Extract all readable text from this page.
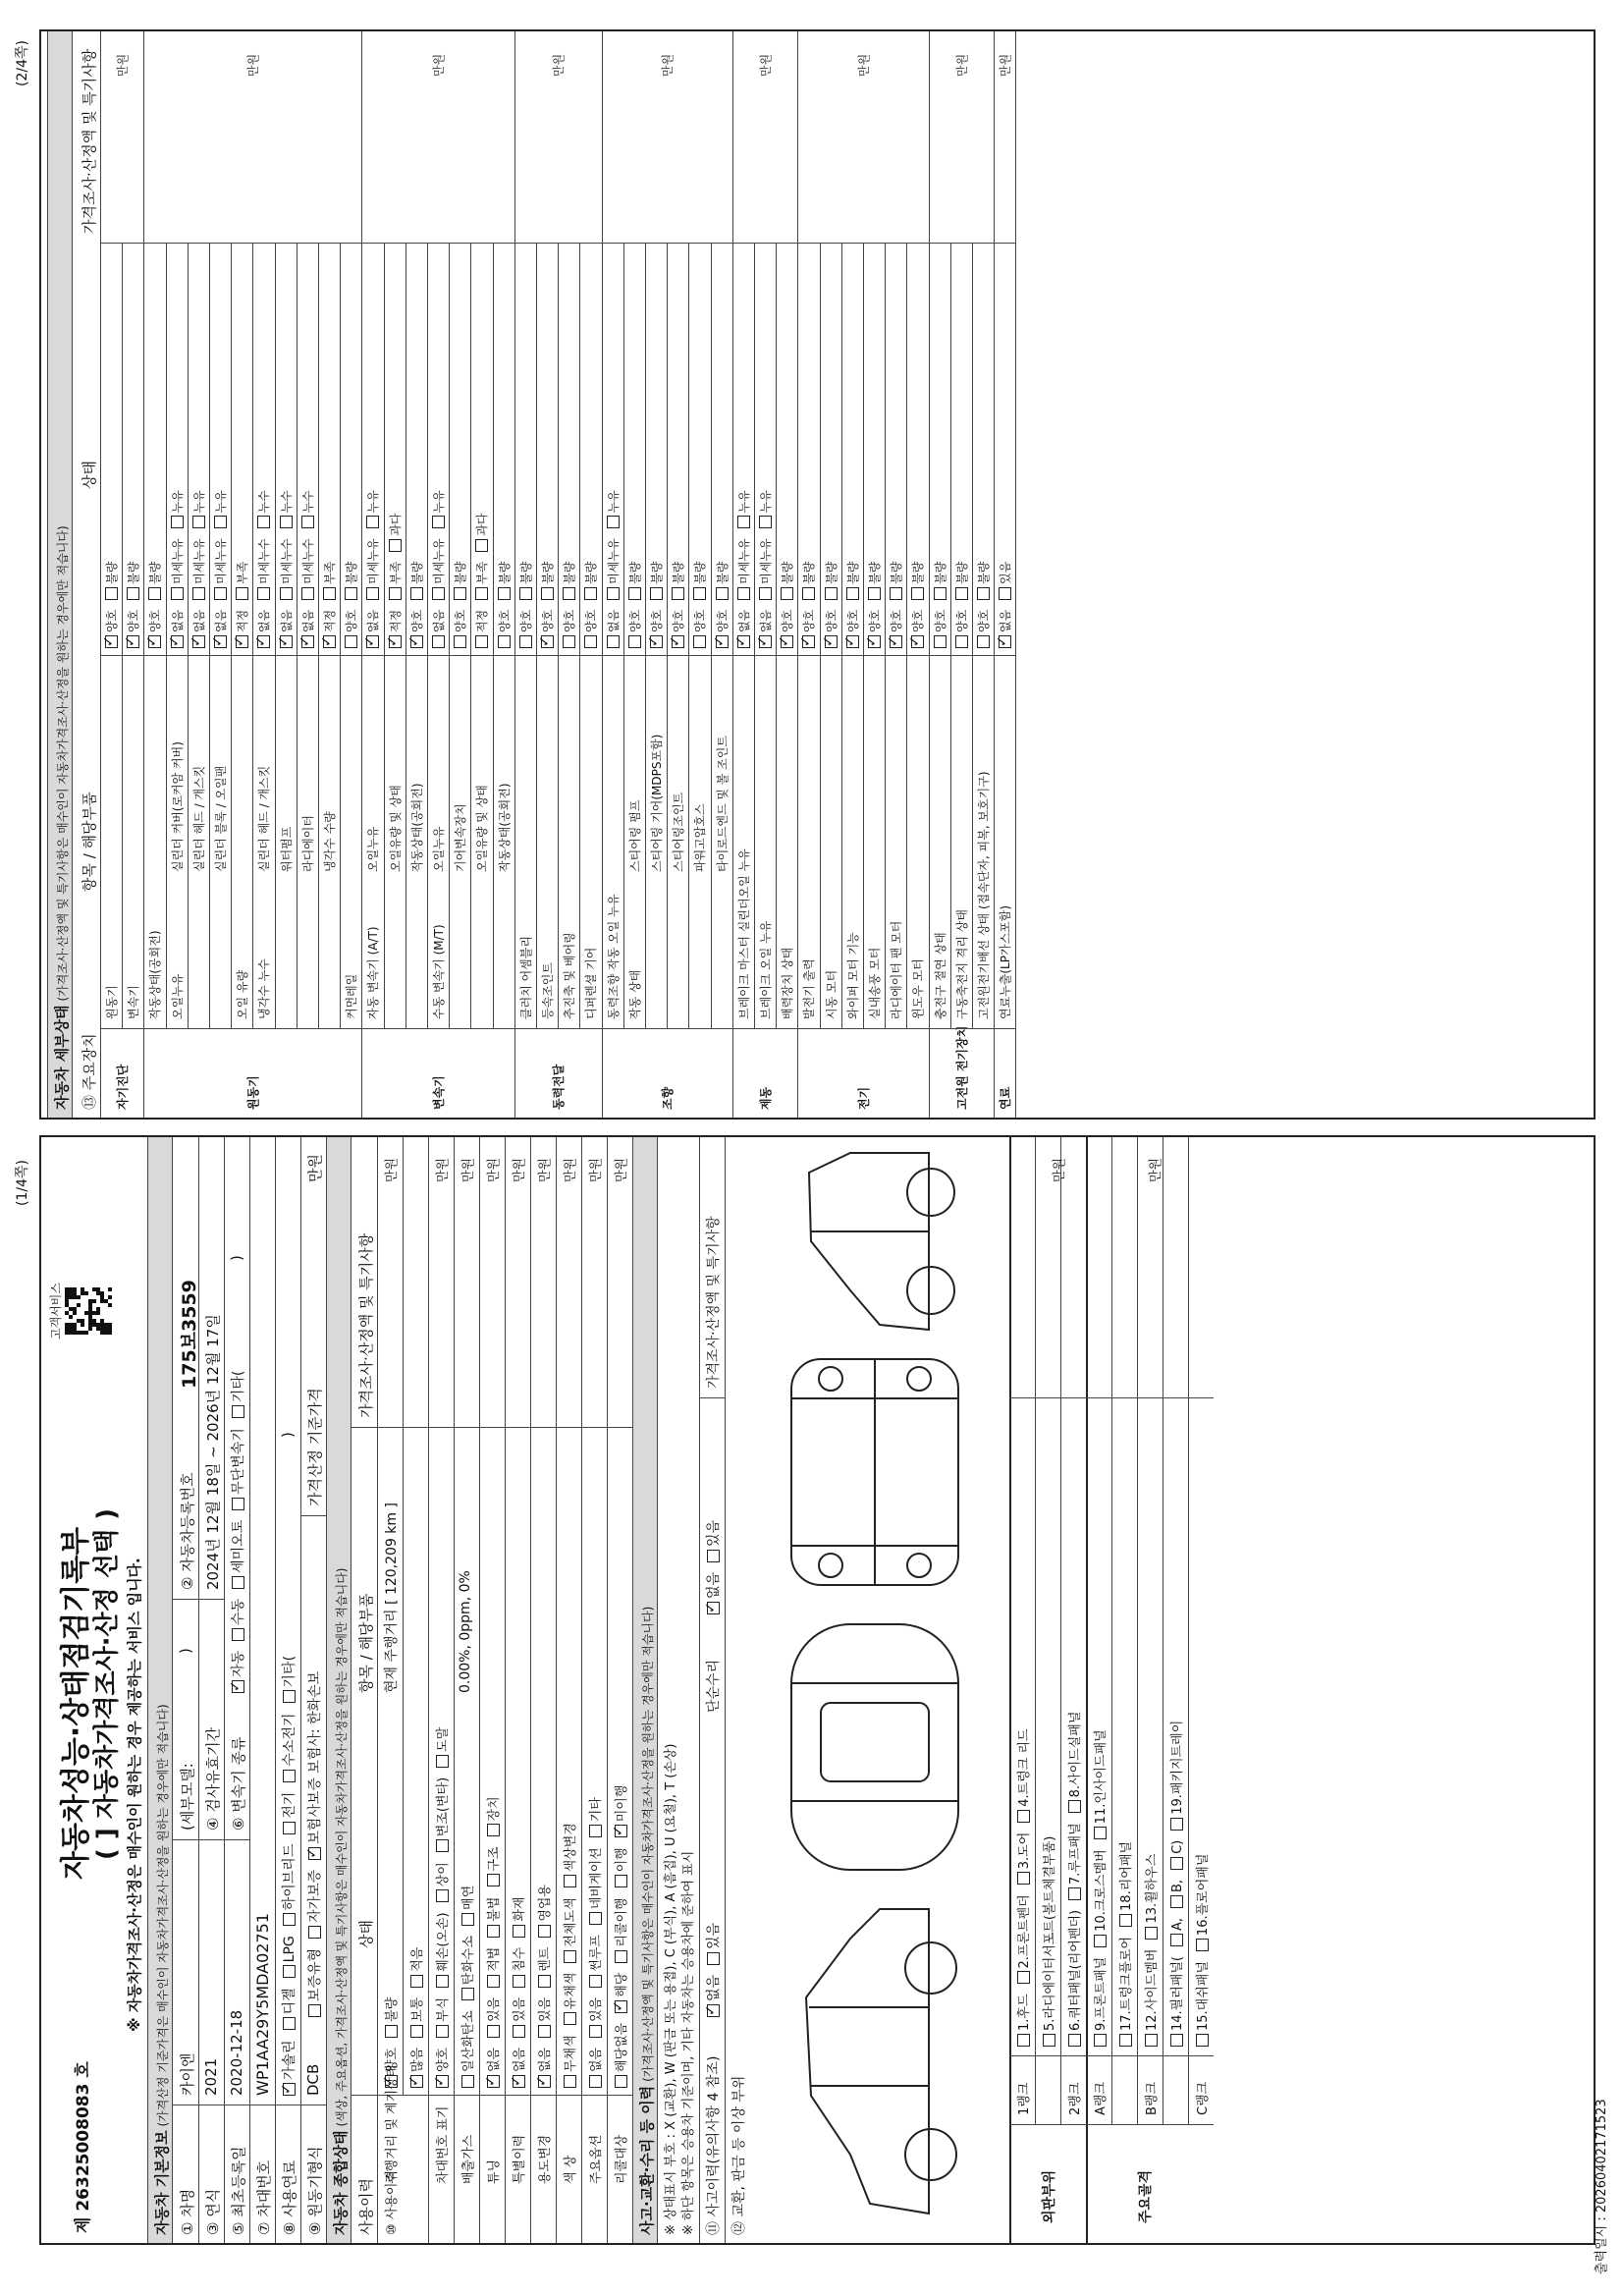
고객서비스
제 26325008083 호
자동차성능·상태점검기록부 ( ] 자동차가격조사·산정 선택 ) ※ 자동차가격조사·산정은 매수인이 원하는 경우 제공하는 서비스 입니다.
자동차 기본정보 (가격산정 기준가격은 매수인이 자동차가격조사·산정을 원하는 경우에만 적습니다)
① 차명
카이엔
(세부모델:
)
② 자동차등록번호
175보3559
③ 연식
2021
④ 검사유효기간
2024년 12월 18일 ~ 2026년 12월 17일
⑤ 최초등록일
2020-12-18
⑥ 변속기 종류
✓자동수동세미오토무단변속기기타(
)
⑦ 차대번호
WP1AA29Y5MDA02751
⑧ 사용연료
✓가솔린디젤LPG하이브리드전기수소전기기타(
)
⑨ 원동기형식
DCB
보증유형자가보증✓보험사보증 보험사: 한화손보
가격산정 기준가격
만원
자동차 종합상태 (색상, 주요옵션, 가격조사·산정액 및 특기사항은 매수인이 자동차가격조사·산정을 원하는 경우에만 적습니다)
사용이력
상태
항목 / 해당부품
가격조사·산정액 및 특기사항
⑩ 사용이력
주행거리 및 계기상태
✓양호불량
현재 주행거리 [ 120,209 km ]
만원
✓많음보통적음
차대번호 표기
✓양호부식훼손(오손)상이변조(변타)도말
만원
배출가스
일산화탄소탄화수소매연
0.00%, 0ppm, 0%
만원
튜닝
✓없음있음적법불법구조장치
만원
특별이력
✓없음있음침수화재
만원
용도변경
✓없음있음렌트영업용
만원
색 상
무채색유채색전체도색색상변경
만원
주요옵션
없음있음썬루프네비게이션기타
만원
리콜대상
해당없음✓해당리콜이행이행✓미이행
만원
사고·교환·수리 등 이력 (가격조사·산정액 및 특기사항은 매수인이 자동차가격조사·산정을 원하는 경우에만 적습니다) ※ 상태표시 부호 : X (교환), W (판금 또는 용접), C (부식), A (흠집), U (요철), T (손상) ※ 하단 항목은 승용차 기준이며, 기타 자동차는 승용차에 준하여 표시 ⑪ 사고이력(유의사항 4 참조)
✓없음있음
단순수리
✓없음있음
가격조사·산정액 및 특기사항
⑫ 교환, 판금 등 이상 부위	1랭크
1.후드2.프론트펜더3.도어4.트렁크 리드
5.라디에이터서포트(볼트체결부품)
2랭크
6.쿼터패널(리어펜더)7.루프패널8.사이드실패널
외판부위
A랭크
9.프론트패널10.크로스멤버11.인사이드패널
17.트렁크플로어18.리어패널
B랭크
12.사이드멤버13.휠하우스
14.필러패널(A,B,C)19.패키지트레이
C랭크
15.대쉬패널16.플로어패널
주요골격
만원	만원
(1/4쪽)
출력일시 : 20260402171523
자동차 세부상태 (가격조사·산정액 및 특기사항은 매수인이 자동차가격조사·산정을 원하는 경우에만 적습니다)
⑬ 주요장치
항목 / 해당부품
상태
가격조사·산정액 및 특기사항
원동기
✓양호불량
변속기
✓양호불량
자기진단
만원
작동상태(공회전)
✓양호불량
오일누유
실린더 커버(로커암 커버)
✓없음미세누유누유
실린더 헤드 / 개스킷
✓없음미세누유누유
실린더 블록 / 오일팬
✓없음미세누유누유
오일 유량
✓적정부족
냉각수 누수
실린더 헤드 / 개스킷
✓없음미세누수누수
워터펌프
✓없음미세누수누수
라디에이터
✓없음미세누수누수
냉각수 수량
✓적정부족
커먼레일
양호불량
원동기
만원
자동 변속기 (A/T)
오일누유
✓없음미세누유누유
오일유량 및 상태
✓적정부족과다
작동상태(공회전)
✓양호불량
수동 변속기 (M/T)
오일누유
없음미세누유누유
기어변속장치
양호불량
오일유량 및 상태
적정부족과다
작동상태(공회전)
양호불량
변속기
만원
클러치 어셈블리
양호불량
등속조인트
✓양호불량
추진축 및 베어링
양호불량
디퍼렌셜 기어
양호불량
동력전달
만원
동력조향 작동 오일 누유
없음미세누유누유
작동 상태
스티어링 펌프
양호불량
스티어링 기어(MDPS포함)
✓양호불량
스티어링조인트
✓양호불량
파워고압호스
양호불량
타이로드엔드 및 볼 조인트
✓양호불량
조향
만원
브레이크 마스터 실린더오일 누유
✓없음미세누유누유
브레이크 오일 누유
✓없음미세누유누유
배력장치 상태
✓양호불량
제동
만원
발전기 출력
✓양호불량
시동 모터
✓양호불량
와이퍼 모터 기능
✓양호불량
실내송풍 모터
✓양호불량
라디에이터 팬 모터
✓양호불량
윈도우 모터
✓양호불량
전기
만원
충전구 절연 상태
양호불량
구동축전지 격리 상태
양호불량
고전원전기배선 상태 (접속단자, 피복, 보호기구)
양호불량
고전원 전기장치
만원
연료누출(LP가스포함)
✓없음있음
연료
만원
(2/4쪽)
